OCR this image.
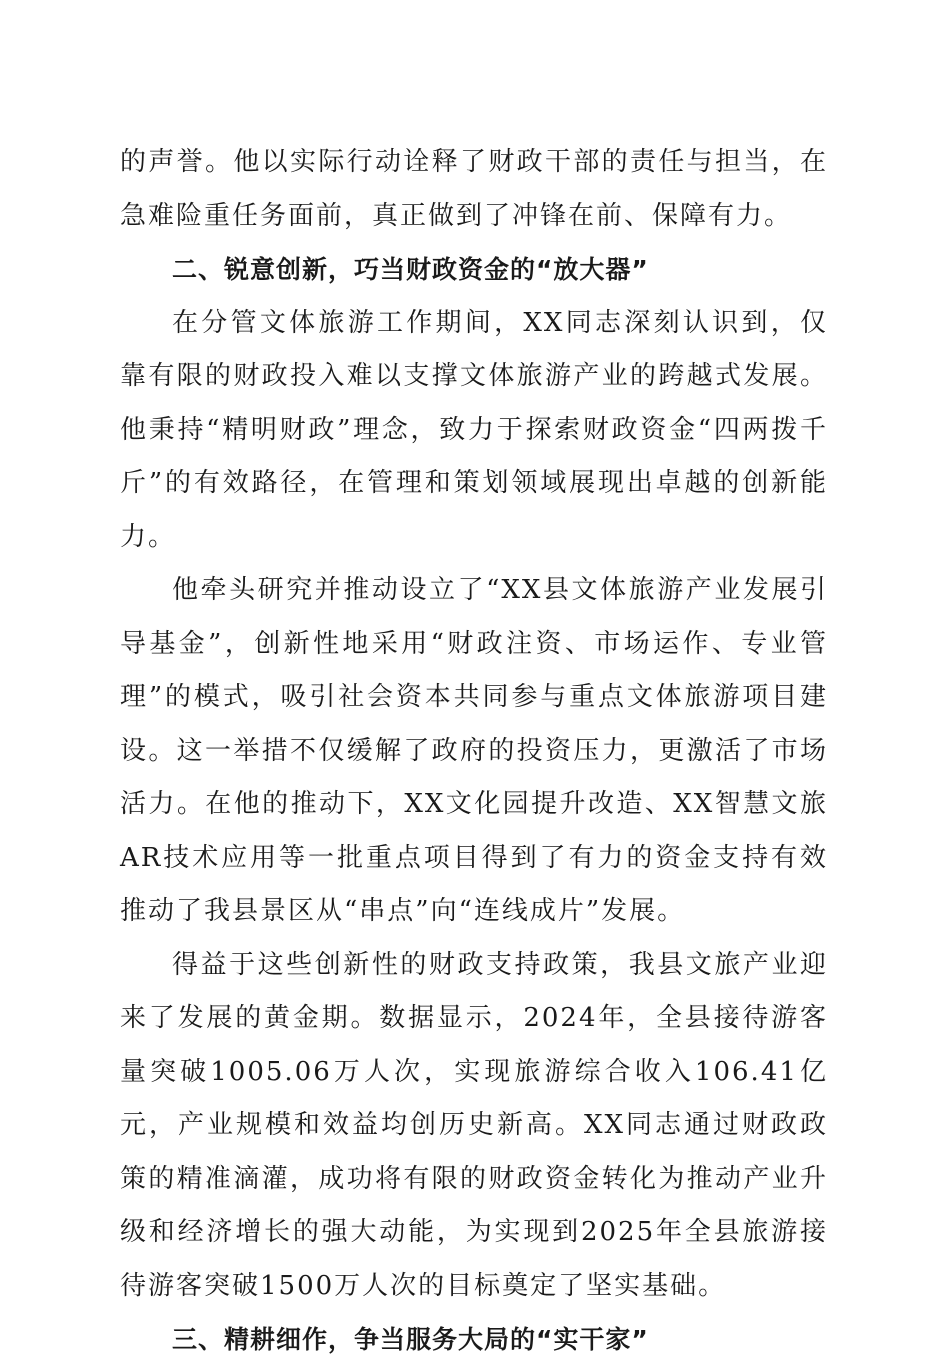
的声誉。他以实际行动诠释了财政干部的责任与担当，在急难险重任务面前，真正做到了冲锋在前、保障有力。

二、锐意创新，巧当财政资金的“放大器”

在分管文体旅游工作期间，XX同志深刻认识到，仅靠有限的财政投入难以支撑文体旅游产业的跨越式发展。他秉持“精明财政”理念，致力于探索财政资金“四两拨千斤”的有效路径，在管理和策划领域展现出卓越的创新能力。

他牵头研究并推动设立了“XX县文体旅游产业发展引导基金”，创新性地采用“财政注资、市场运作、专业管理”的模式，吸引社会资本共同参与重点文体旅游项目建设。这一举措不仅缓解了政府的投资压力，更激活了市场活力。在他的推动下，XX文化园提升改造、XX智慧文旅AR技术应用等一批重点项目得到了有力的资金支持有效推动了我县景区从“串点”向“连线成片”发展。

得益于这些创新性的财政支持政策，我县文旅产业迎来了发展的黄金期。数据显示，2024年，全县接待游客量突破1005.06万人次，实现旅游综合收入106.41亿元，产业规模和效益均创历史新高。XX同志通过财政政策的精准滴灌，成功将有限的财政资金转化为推动产业升级和经济增长的强大动能，为实现到2025年全县旅游接待游客突破1500万人次的目标奠定了坚实基础。

三、精耕细作，争当服务大局的“实干家”
